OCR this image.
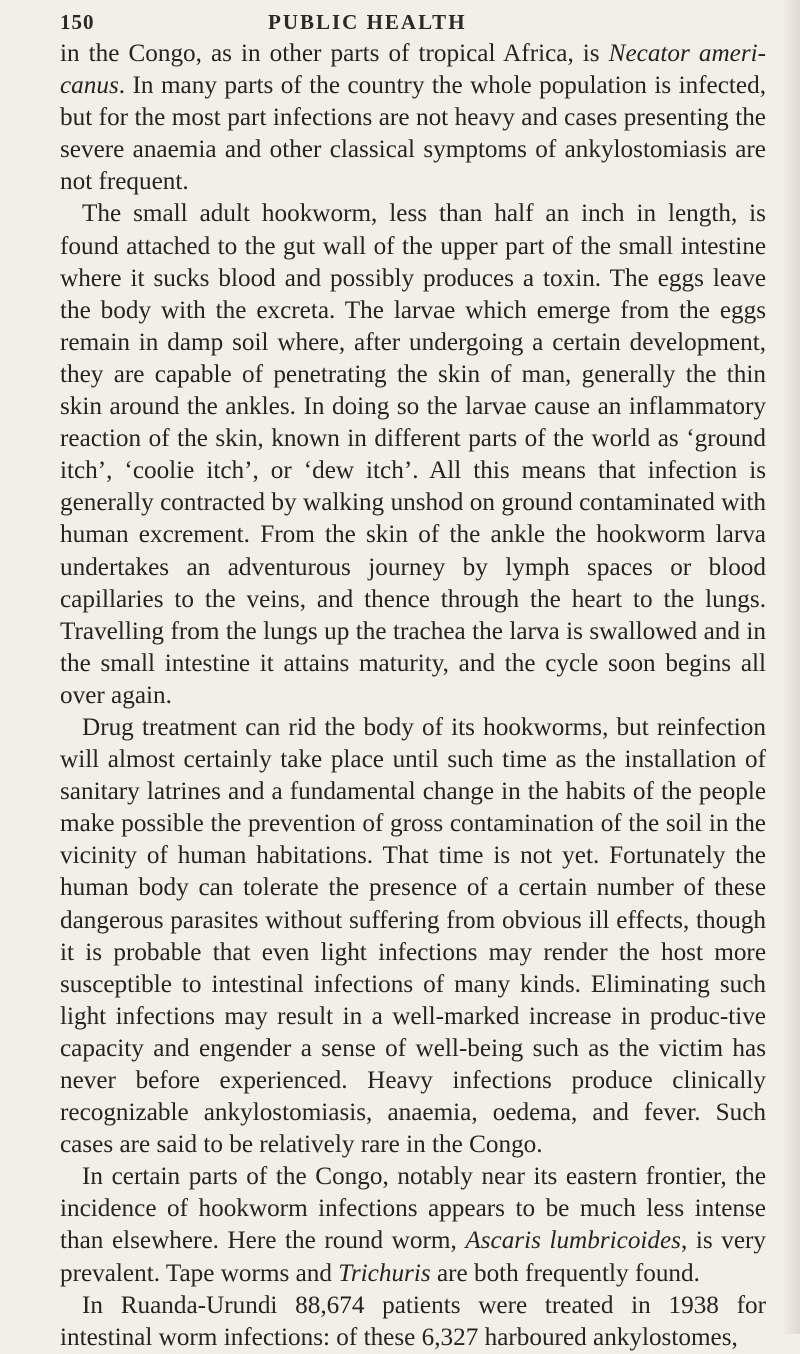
150	PUBLIC HEALTH

in the Congo, as in other parts of tropical Africa, is Necator ameri-canus. In many parts of the country the whole population is infected, but for the most part infections are not heavy and cases presenting the severe anaemia and other classical symptoms of ankylostomiasis are not frequent.

The small adult hookworm, less than half an inch in length, is found attached to the gut wall of the upper part of the small intestine where it sucks blood and possibly produces a toxin. The eggs leave the body with the excreta. The larvae which emerge from the eggs remain in damp soil where, after undergoing a certain development, they are capable of penetrating the skin of man, generally the thin skin around the ankles. In doing so the larvae cause an inflammatory reaction of the skin, known in different parts of the world as ‘ground itch’, ‘coolie itch’, or ‘dew itch’. All this means that infection is generally contracted by walking unshod on ground contaminated with human excrement. From the skin of the ankle the hookworm larva undertakes an adventurous journey by lymph spaces or blood capillaries to the veins, and thence through the heart to the lungs. Travelling from the lungs up the trachea the larva is swallowed and in the small intestine it attains maturity, and the cycle soon begins all over again.

Drug treatment can rid the body of its hookworms, but reinfection will almost certainly take place until such time as the installation of sanitary latrines and a fundamental change in the habits of the people make possible the prevention of gross contamination of the soil in the vicinity of human habitations. That time is not yet. Fortunately the human body can tolerate the presence of a certain number of these dangerous parasites without suffering from obvious ill effects, though it is probable that even light infections may render the host more susceptible to intestinal infections of many kinds. Eliminating such light infections may result in a well-marked increase in produc-tive capacity and engender a sense of well-being such as the victim has never before experienced. Heavy infections produce clinically recognizable ankylostomiasis, anaemia, oedema, and fever. Such cases are said to be relatively rare in the Congo.

In certain parts of the Congo, notably near its eastern frontier, the incidence of hookworm infections appears to be much less intense than elsewhere. Here the round worm, Ascaris lumbricoides, is very prevalent. Tape worms and Trichuris are both frequently found.

In Ruanda-Urundi 88,674 patients were treated in 1938 for intestinal worm infections: of these 6,327 harboured ankylostomes,
